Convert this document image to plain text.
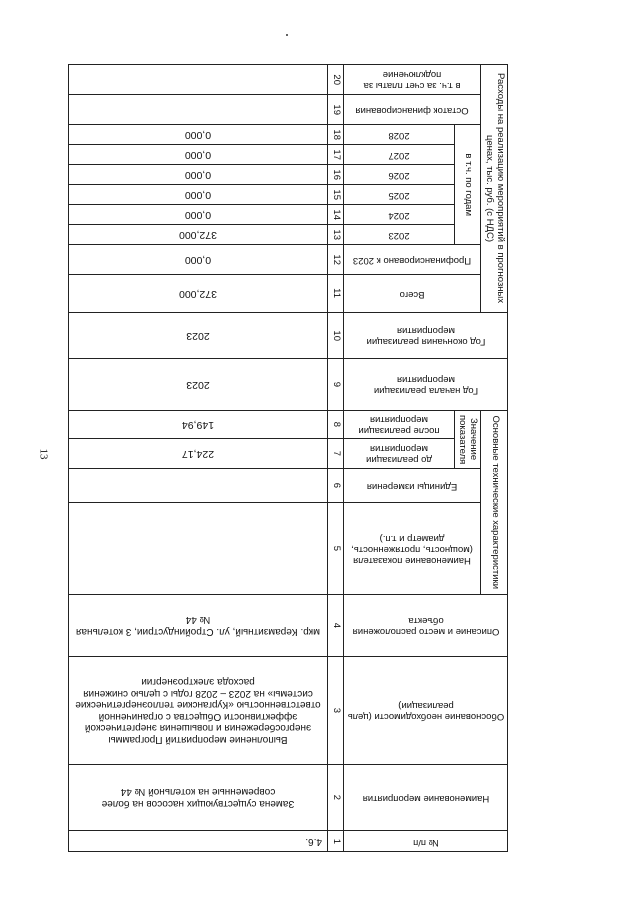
13
№ п/п
Наименование мероприятия
Обоснование необходимости (цель реализации)
Описание и место расположения объекта
Основные технические характеристики
Наименование показателя (мощность, протяженность, диаметр и т.п.)
Единицы измерения
Значение показателя
до реализации мероприятия
после реализации мероприятия
Год начала реализации мероприятия
Год окончания реализации мероприятия
Расходы на реализацию мероприятий в прогнозных ценах, тыс. руб. (с НДС)
Всего
Профинансировано к 2023
в т.ч. по годам
2023
2024
2025
2026
2027
2028
Остаток финансирования
в т.ч. за счет платы за подключение
1
2
3
4
5
6
7
8
9
10
11
12
13
14
15
16
17
18
19
20
4.6.
Замена существующих насосов на более современные на котельной № 44
Выполнение мероприятий Программы энергосбережения и повышения энергетической эффективности Общества с ограниченной ответственностью «Курганские теплоэнергетические системы» на 2023 – 2028 годы с целью снижения расхода электроэнергии
мкр. Керамзитный, ул. Стройиндустрии, 3 котельная № 44
224,17
149,94
2023
2023
372,000
0,000
372,000
0,000
0,000
0,000
0,000
0,000
